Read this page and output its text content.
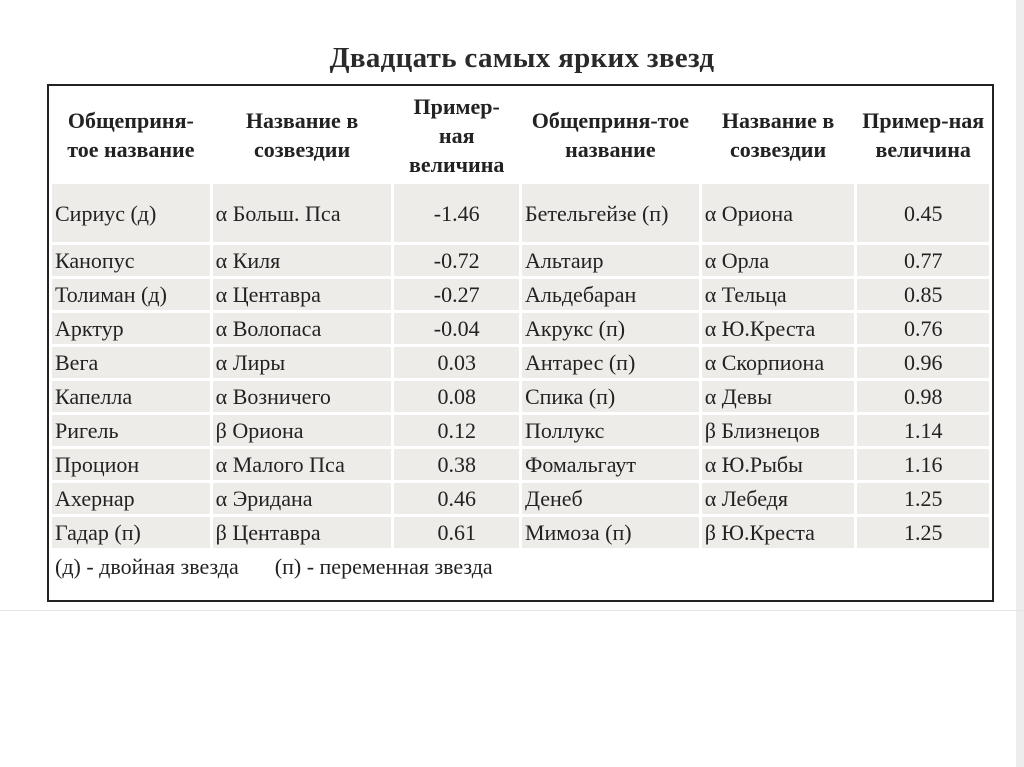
Двадцать самых ярких звезд
Общеприня-тое название	Название в созвездии	Пример-ная величина	Общеприня-тое название	Название в созвездии	Пример-ная величина
Сириус (д)	α Больш. Пса	-1.46	Бетельгейзе (п)	α Ориона	0.45
Канопус	α Киля	-0.72	Альтаир	α Орла	0.77
Толиман (д)	α Центавра	-0.27	Альдебаран	α Тельца	0.85
Арктур	α Волопаса	-0.04	Акрукс (п)	α Ю.Креста	0.76
Вега	α Лиры	0.03	Антарес (п)	α Скорпиона	0.96
Капелла	α Возничего	0.08	Спика (п)	α Девы	0.98
Ригель	β Ориона	0.12	Поллукс	β Близнецов	1.14
Процион	α Малого Пса	0.38	Фомальгаут	α Ю.Рыбы	1.16
Ахернар	α Эридана	0.46	Денеб	α Лебедя	1.25
Гадар (п)	β Центавра	0.61	Мимоза (п)	β Ю.Креста	1.25
(д) - двойная звезда (п) - переменная звезда					
